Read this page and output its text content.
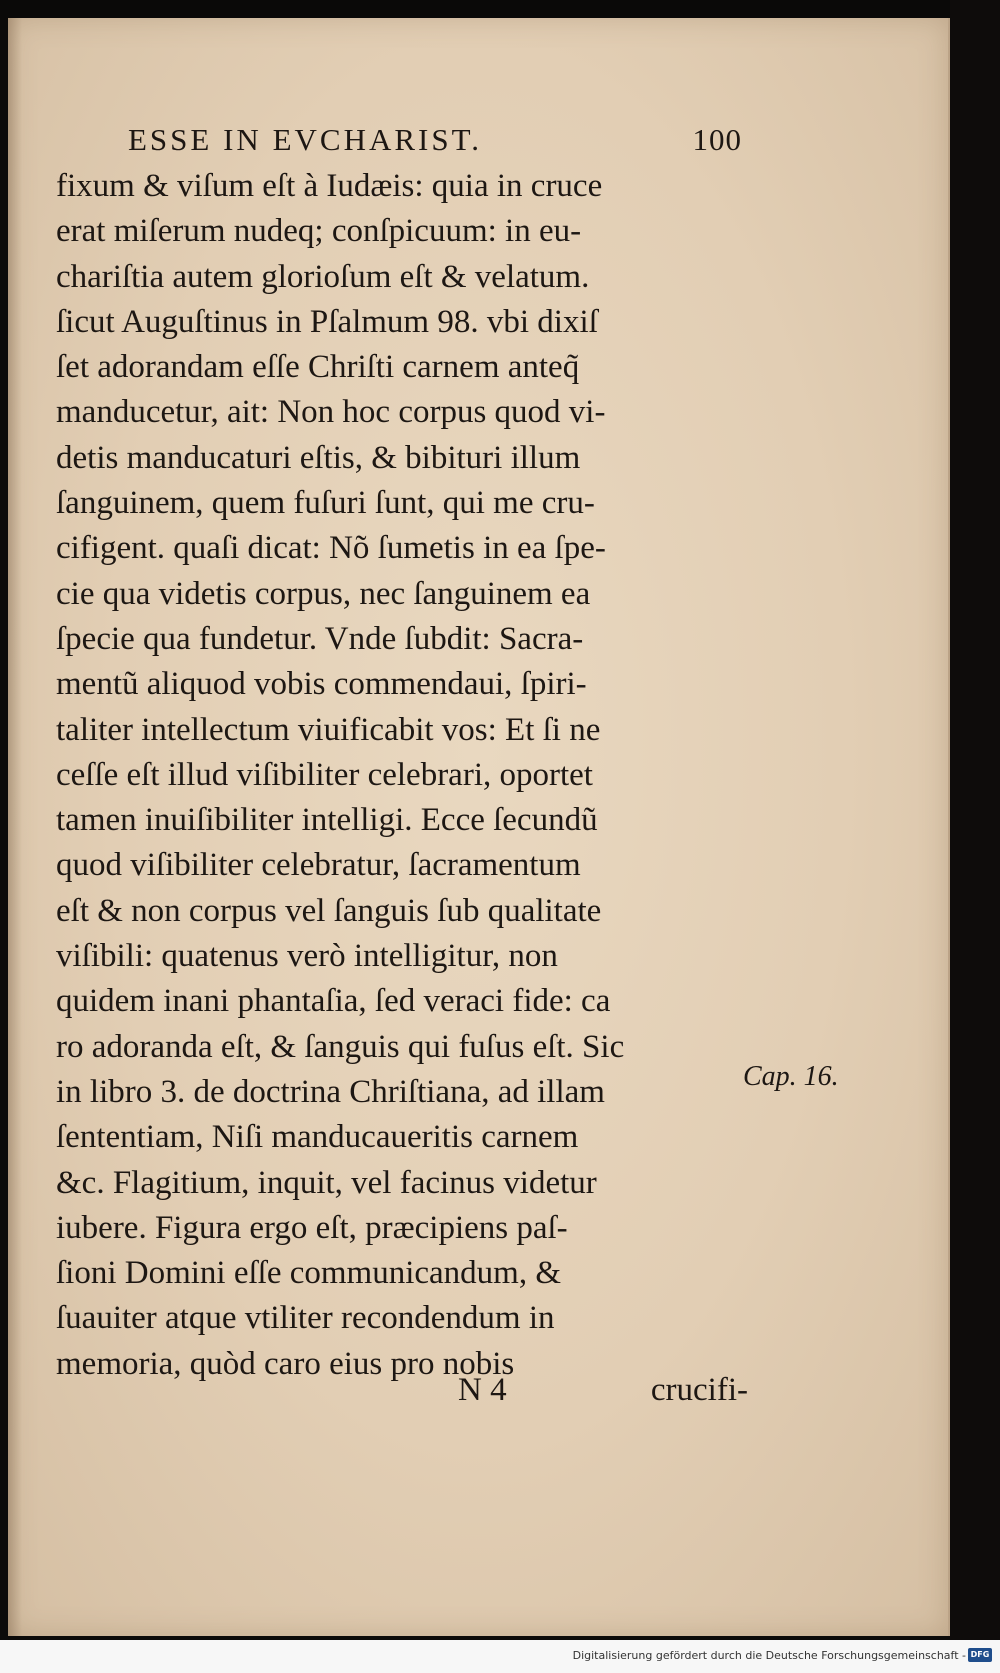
ESSE IN EVCHARIST.	100
fixum & viſum eſt à Iudæis: quia in cruce
erat miſerum nudeq; conſpicuum: in eu-
chariſtia autem glorioſum eſt & velatum.
ſicut Auguſtinus in Pſalmum 98. vbi dixiſ
ſet adorandam eſſe Chriſti carnem anteq̃
manducetur, ait: Non hoc corpus quod vi-
detis manducaturi eſtis, & bibituri illum
ſanguinem, quem fuſuri ſunt, qui me cru-
cifigent. quaſi dicat: Nõ ſumetis in ea ſpe-
cie qua videtis corpus, nec ſanguinem ea
ſpecie qua fundetur. Vnde ſubdit: Sacra-
mentũ aliquod vobis commendaui, ſpiri-
taliter intellectum viuificabit vos: Et ſi ne
ceſſe eſt illud viſibiliter celebrari, oportet
tamen inuiſibiliter intelligi. Ecce ſecundũ
quod viſibiliter celebratur, ſacramentum
eſt & non corpus vel ſanguis ſub qualitate
viſibili: quatenus verò intelligitur, non
quidem inani phantaſia, ſed veraci fide: ca
ro adoranda eſt, & ſanguis qui fuſus eſt. Sic
in libro 3. de doctrina Chriſtiana, ad illam
ſententiam, Niſi manducaueritis carnem
&c. Flagitium, inquit, vel facinus videtur
iubere. Figura ergo eſt, præcipiens paſ-
ſioni Domini eſſe communicandum, &
ſuauiter atque vtiliter recondendum in
memoria, quòd caro eius pro nobis
Cap. 16.
N 4	crucifi-
Digitalisierung gefördert durch die Deutsche Forschungsgemeinschaft - DFG
